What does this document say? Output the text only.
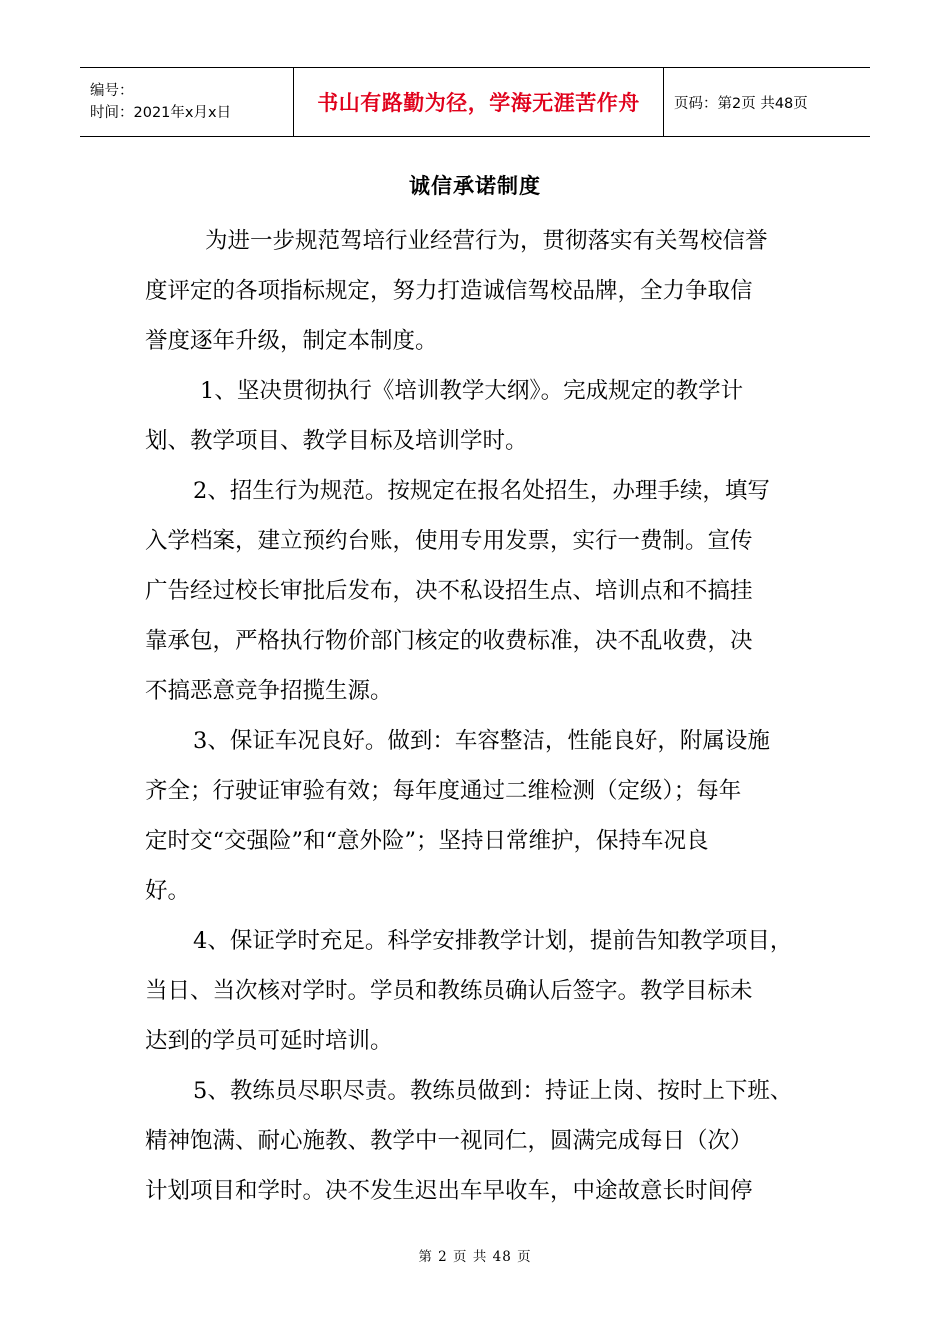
编号：
时间：2021年x月x日	书山有路勤为径，学海无涯苦作舟 页码：第2页 共48页
诚信承诺制度
为进一步规范驾培行业经营行为，贯彻落实有关驾校信誉
度评定的各项指标规定，努力打造诚信驾校品牌，全力争取信
誉度逐年升级，制定本制度。
1、坚决贯彻执行《培训教学大纲》。完成规定的教学计
划、教学项目、教学目标及培训学时。
2、招生行为规范。按规定在报名处招生，办理手续，填写
入学档案，建立预约台账，使用专用发票，实行一费制。宣传
广告经过校长审批后发布，决不私设招生点、培训点和不搞挂
靠承包，严格执行物价部门核定的收费标准，决不乱收费，决
不搞恶意竞争招揽生源。
3、保证车况良好。做到：车容整洁，性能良好，附属设施
齐全；行驶证审验有效；每年度通过二维检测（定级）；每年
定时交“交强险”和“意外险”；坚持日常维护，保持车况良
好。
4、保证学时充足。科学安排教学计划，提前告知教学项目，
当日、当次核对学时。学员和教练员确认后签字。教学目标未
达到的学员可延时培训。
5、教练员尽职尽责。教练员做到：持证上岗、按时上下班、
精神饱满、耐心施教、教学中一视同仁，圆满完成每日（次）
计划项目和学时。决不发生迟出车早收车，中途故意长时间停
第 2 页 共 48 页
